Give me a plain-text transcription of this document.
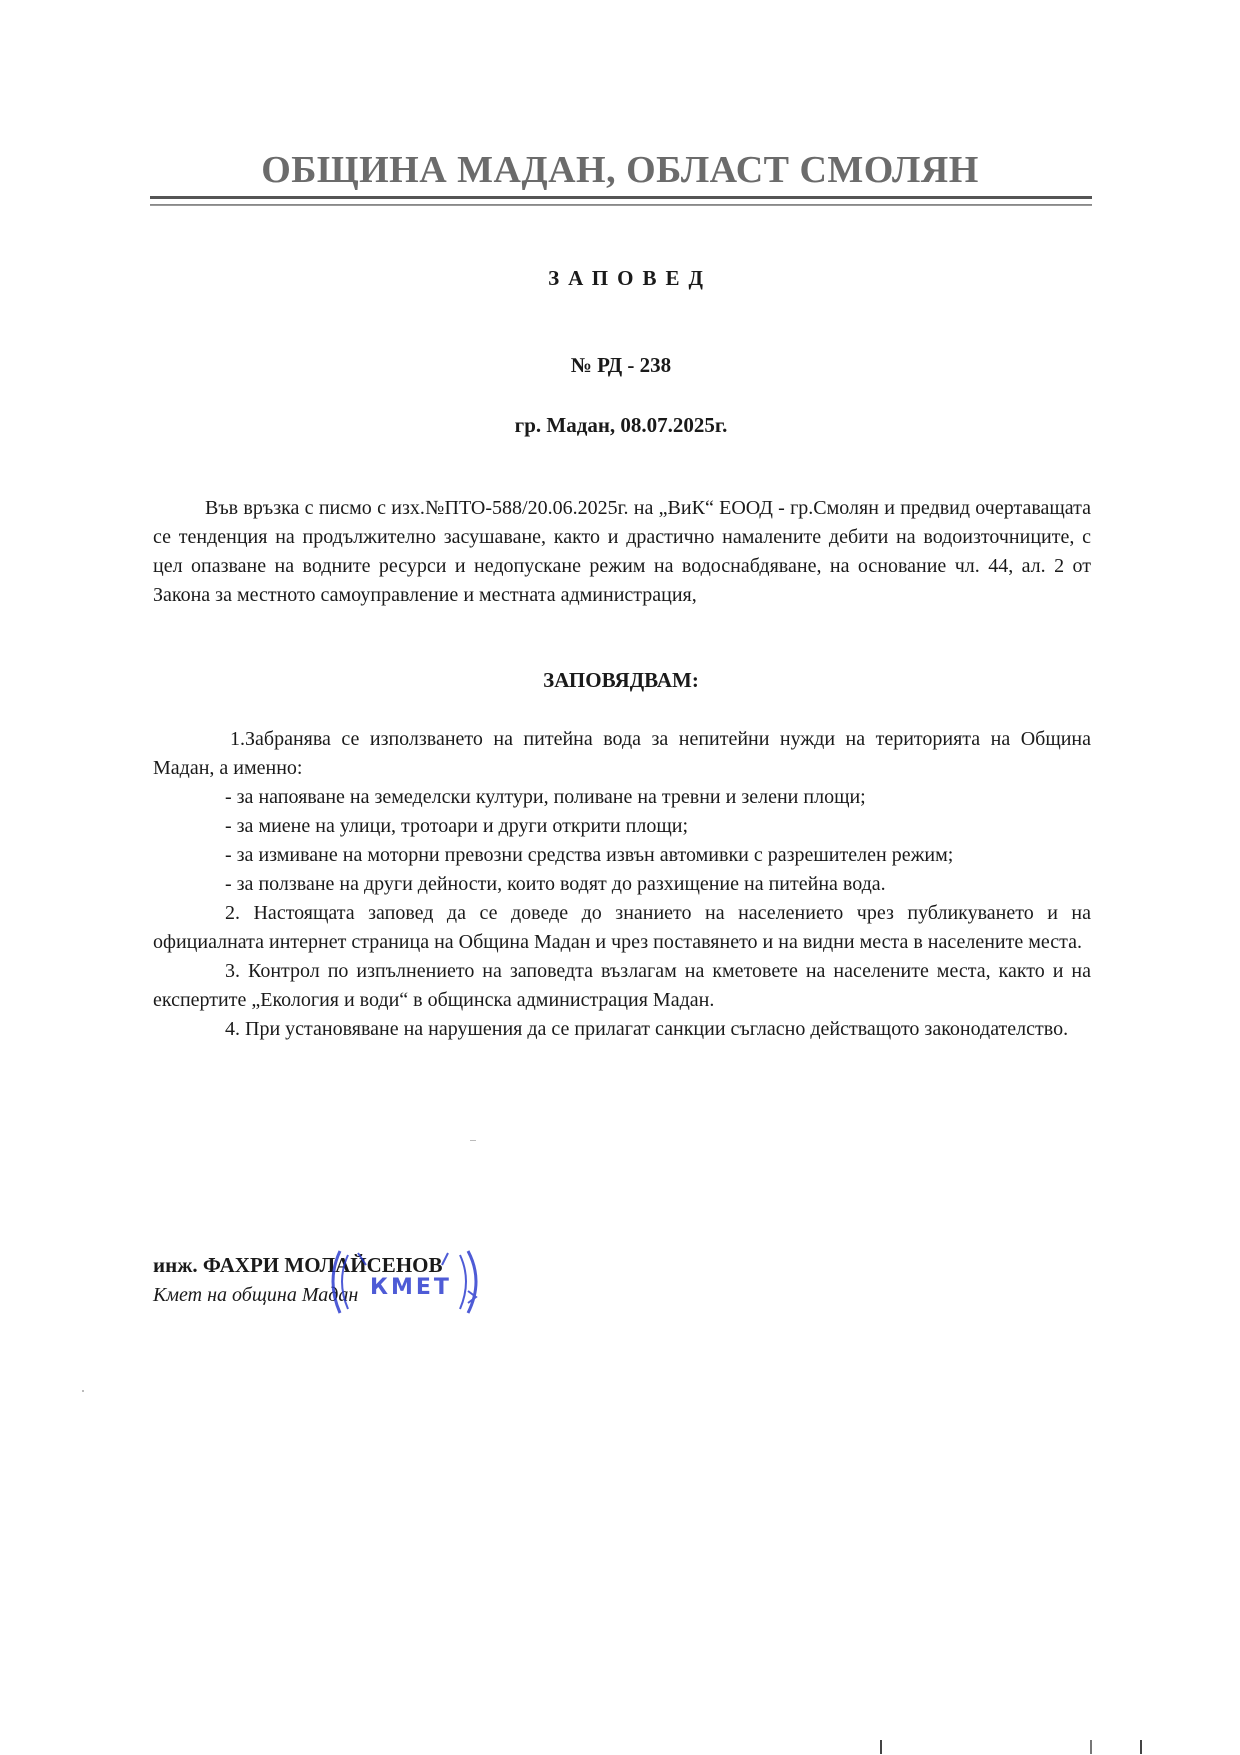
ОБЩИНА МАДАН, ОБЛАСТ СМОЛЯН

ЗАПОВЕД

№ РД - 238

гр. Мадан, 08.07.2025г.

Във връзка с писмо с изх.№ПТО-588/20.06.2025г. на „ВиК“ ЕООД - гр.Смолян и предвид очертаващата се тенденция на продължително засушаване, както и драстично намалените дебити на водоизточниците, с цел опазване на водните ресурси и недопускане режим на водоснабдяване, на основание чл. 44, ал. 2 от Закона за местното самоуправление и местната администрация,

ЗАПОВЯДВАМ:

1.Забранява се използването на питейна вода за непитейни нужди на територията на Община Мадан, а именно:

- за напояване на земеделски култури, поливане на тревни и зелени площи;

- за миене на улици, тротоари и други открити площи;

- за измиване на моторни превозни средства извън автомивки с разрешителен режим;

- за ползване на други дейности, които водят до разхищение на питейна вода.

2. Настоящата заповед да се доведе до знанието на населението чрез публикуването и на официалната интернет страница на Община Мадан и чрез поставянето и на видни места в населените места.

3. Контрол по изпълнението на заповедта възлагам на кметовете на населените места, както и на експертите „Екология и води“ в общинска администрация Мадан.

4. При установяване на нарушения да се прилагат санкции съгласно действащото законодателство.

инж. ФАХРИ МОЛАЙСЕНОВ

Кмет на община Мадан КМЕТ
